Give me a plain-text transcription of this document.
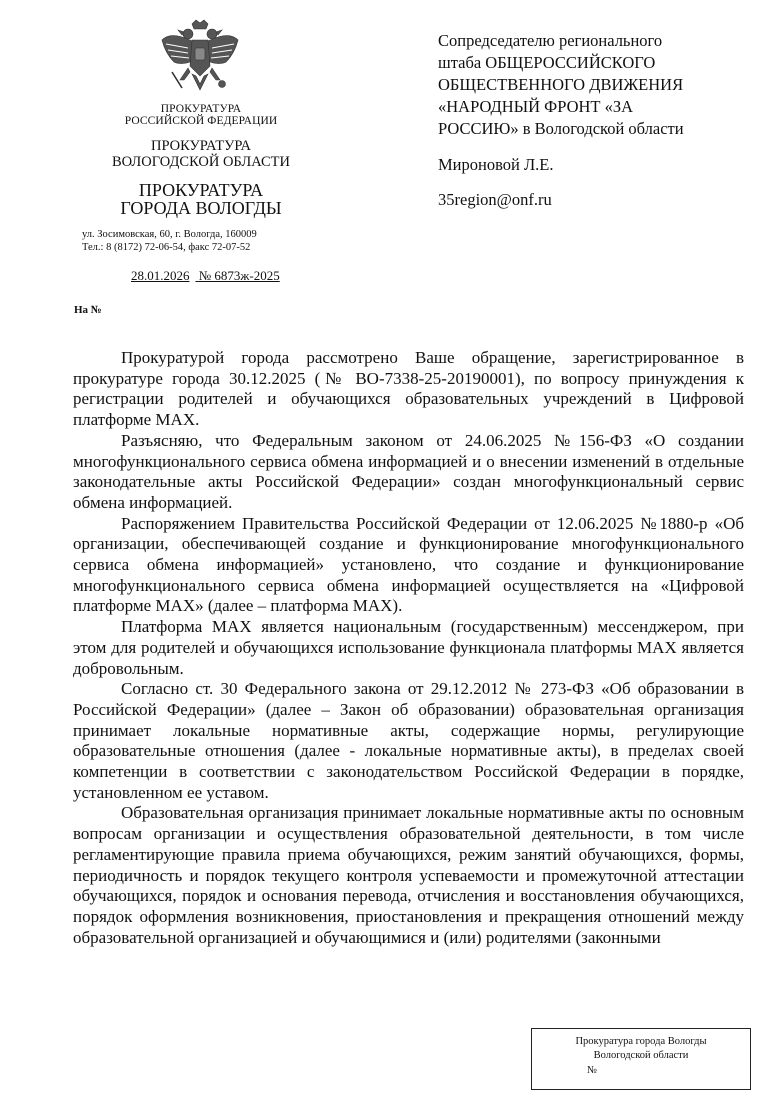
ПРОКУРАТУРА
РОССИЙСКОЙ ФЕДЕРАЦИИ
ПРОКУРАТУРА
ВОЛОГОДСКОЙ ОБЛАСТИ
ПРОКУРАТУРА
ГОРОДА ВОЛОГДЫ
ул. Зосимовская, 60, г. Вологда, 160009
Тел.: 8 (8172) 72-06-54, факс 72-07-52
28.01.2026 № 6873ж-2025
На №

Сопредседателю регионального

штаба ОБЩЕРОССИЙСКОГО

ОБЩЕСТВЕННОГО ДВИЖЕНИЯ

«НАРОДНЫЙ ФРОНТ «ЗА

РОССИЮ» в Вологодской области

Мироновой Л.Е.

35region@onf.ru

Прокуратурой города рассмотрено Ваше обращение, зарегистрированное в прокуратуре города 30.12.2025 (№ ВО-7338-25-20190001), по вопросу принуждения к регистрации родителей и обучающихся образовательных учреждений в Цифровой платформе MAX.

Разъясняю, что Федеральным законом от 24.06.2025 №156-ФЗ «О создании многофункционального сервиса обмена информацией и о внесении изменений в отдельные законодательные акты Российской Федерации» создан многофункциональный сервис обмена информацией.

Распоряжением Правительства Российской Федерации от 12.06.2025 №1880-р «Об организации, обеспечивающей создание и функционирование многофункционального сервиса обмена информацией» установлено, что создание и функционирование многофункционального сервиса обмена информацией осуществляется на «Цифровой платформе MAX» (далее – платформа MAX).

Платформа MAX является национальным (государственным) мессенджером, при этом для родителей и обучающихся использование функционала платформы MAX является добровольным.

Согласно ст. 30 Федерального закона от 29.12.2012 № 273-ФЗ «Об образовании в Российской Федерации» (далее – Закон об образовании) образовательная организация принимает локальные нормативные акты, содержащие нормы, регулирующие образовательные отношения (далее - локальные нормативные акты), в пределах своей компетенции в соответствии с законодательством Российской Федерации в порядке, установленном ее уставом.

Образовательная организация принимает локальные нормативные акты по основным вопросам организации и осуществления образовательной деятельности, в том числе регламентирующие правила приема обучающихся, режим занятий обучающихся, формы, периодичность и порядок текущего контроля успеваемости и промежуточной аттестации обучающихся, порядок и основания перевода, отчисления и восстановления обучающихся, порядок оформления возникновения, приостановления и прекращения отношений между образовательной организацией и обучающимися и (или) родителями (законными

Прокуратура города Вологды
Вологодской области
№
